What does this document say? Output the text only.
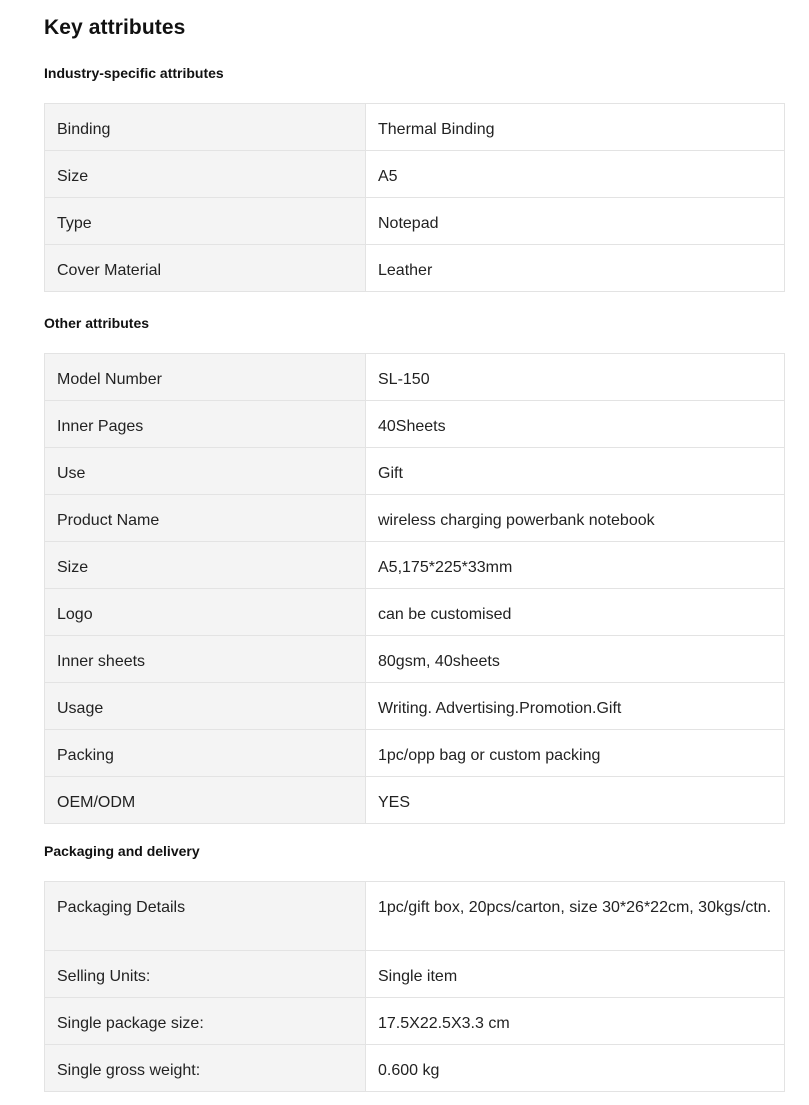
Key attributes
Industry-specific attributes
Binding	Thermal Binding
Size	A5
Type	Notepad
Cover Material	Leather
Other attributes
Model Number	SL-150
Inner Pages	40Sheets
Use	Gift
Product Name	wireless charging powerbank notebook
Size	A5,175*225*33mm
Logo	can be customised
Inner sheets	80gsm, 40sheets
Usage	Writing. Advertising.Promotion.Gift
Packing	1pc/opp bag or custom packing
OEM/ODM	YES
Packaging and delivery
Packaging Details	1pc/gift box, 20pcs/carton, size 30*26*22cm, 30kgs/ctn.
Selling Units:	Single item
Single package size:	17.5X22.5X3.3 cm
Single gross weight:	0.600 kg
